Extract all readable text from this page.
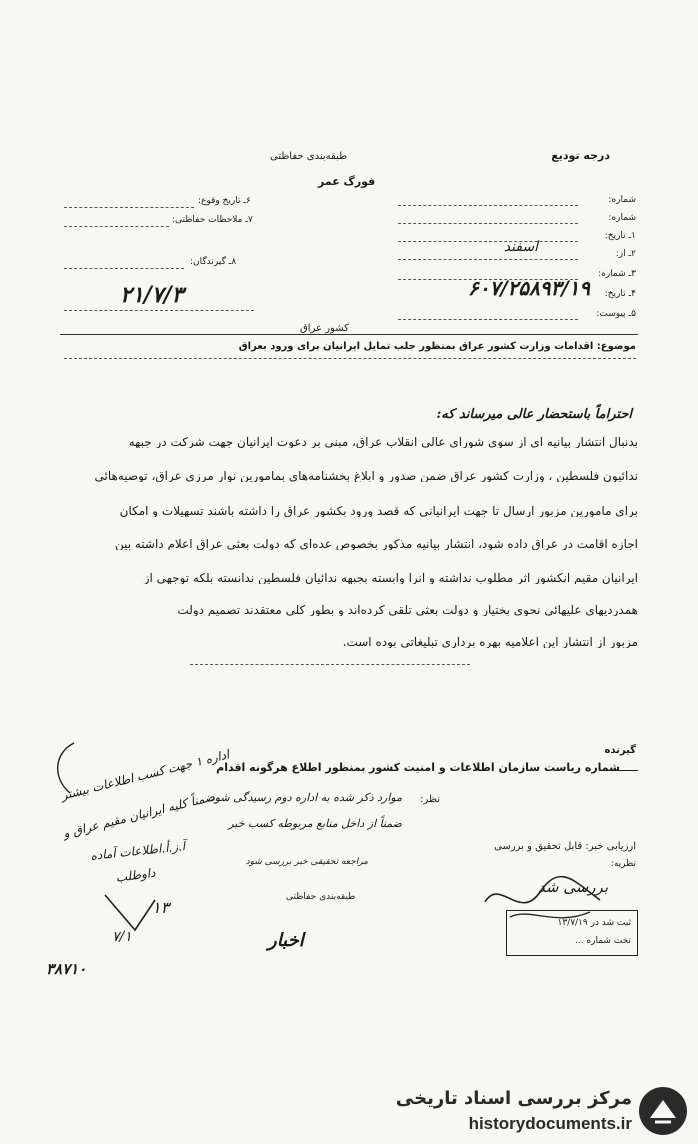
درجه تودیع
طبقه‌بندی حفاظتی
فورگ عمر
شماره:
شماره:
۱ـ تاریخ:
۲ـ از:
۳ـ شماره:
۴ـ تاریخ:
۶۰۷/۲۵۸۹۳/۱۹
۵ـ پیوست:
اسفند
۶ـ تاریخ وقوع:
۷ـ ملاحظات حفاظتی:
۸ـ گیرندگان:
۲۱/۷/۳
کشور عراق
موضوع: اقدامات وزارت کشور عراق بمنظور جلب تمایل ایرانیان برای ورود بعراق
احتراماً باستحضار عالی میرساند که:
بدنبال انتشار بیانیه ای از سوی شورای عالی انقلاب عراق، مبنی بر دعوت ایرانیان جهت شرکت در جبهه
ندائیون فلسطین ، وزارت کشور عراق ضمن صدور و ابلاغ بخشنامه‌های بمامورین نوار مرزی عراق، توصیه‌هائی
برای مامورین مزبور ارسال تا جهت ایرانیانی که قصد ورود بکشور عراق را داشته باشند تسهیلات و امکان
اجازه اقامت در عراق داده شود، انتشار بیانیه مذکور بخصوص عده‌ای که دولت بعثی عراق اعلام داشته بین
ایرانیان مقیم انکشور اثر مطلوب نداشته و آنرا وابسته بجبهه ندائیان فلسطین ندانسته بلکه توجهی از
همدردیهای علیهائی نحوی بختیار و دولت بعثی تلقی کرده‌اند و بطور کلی معتقدند تصمیم دولت
مزبور از انتشار این اعلامیه بهره برداری تبلیغاتی بوده است.
گیرنده
شماره ریاست سازمان اطلاعات و امنیت کشور بمنظور اطلاع هرگونه اقدام
نظر:
موارد ذکر شده به اداره دوم رسیدگی شود
ضمناً از داخل منابع مربوطه کسب خبر
مراجعه تحقیقی خبر بررسی شود
ارزیابی خبر: قابل تحقیق و بررسی
نظریه:
بررسی شد
ثبت شد در ۱۳/۷/۱۹
تحت شماره ...
اداره ۱ جهت کسب اطلاعات بیشتر
ضمناً کلیه ایرانیان مقیم عراق و
آ.ز.أ.اطلاعات آماده
داوطلب
۱۳
۷/۱
طبقه‌بندی حفاظتی
اخبار
۳۸۷۱۰
مرکز بررسی اسناد تاریخی
historydocuments.ir
